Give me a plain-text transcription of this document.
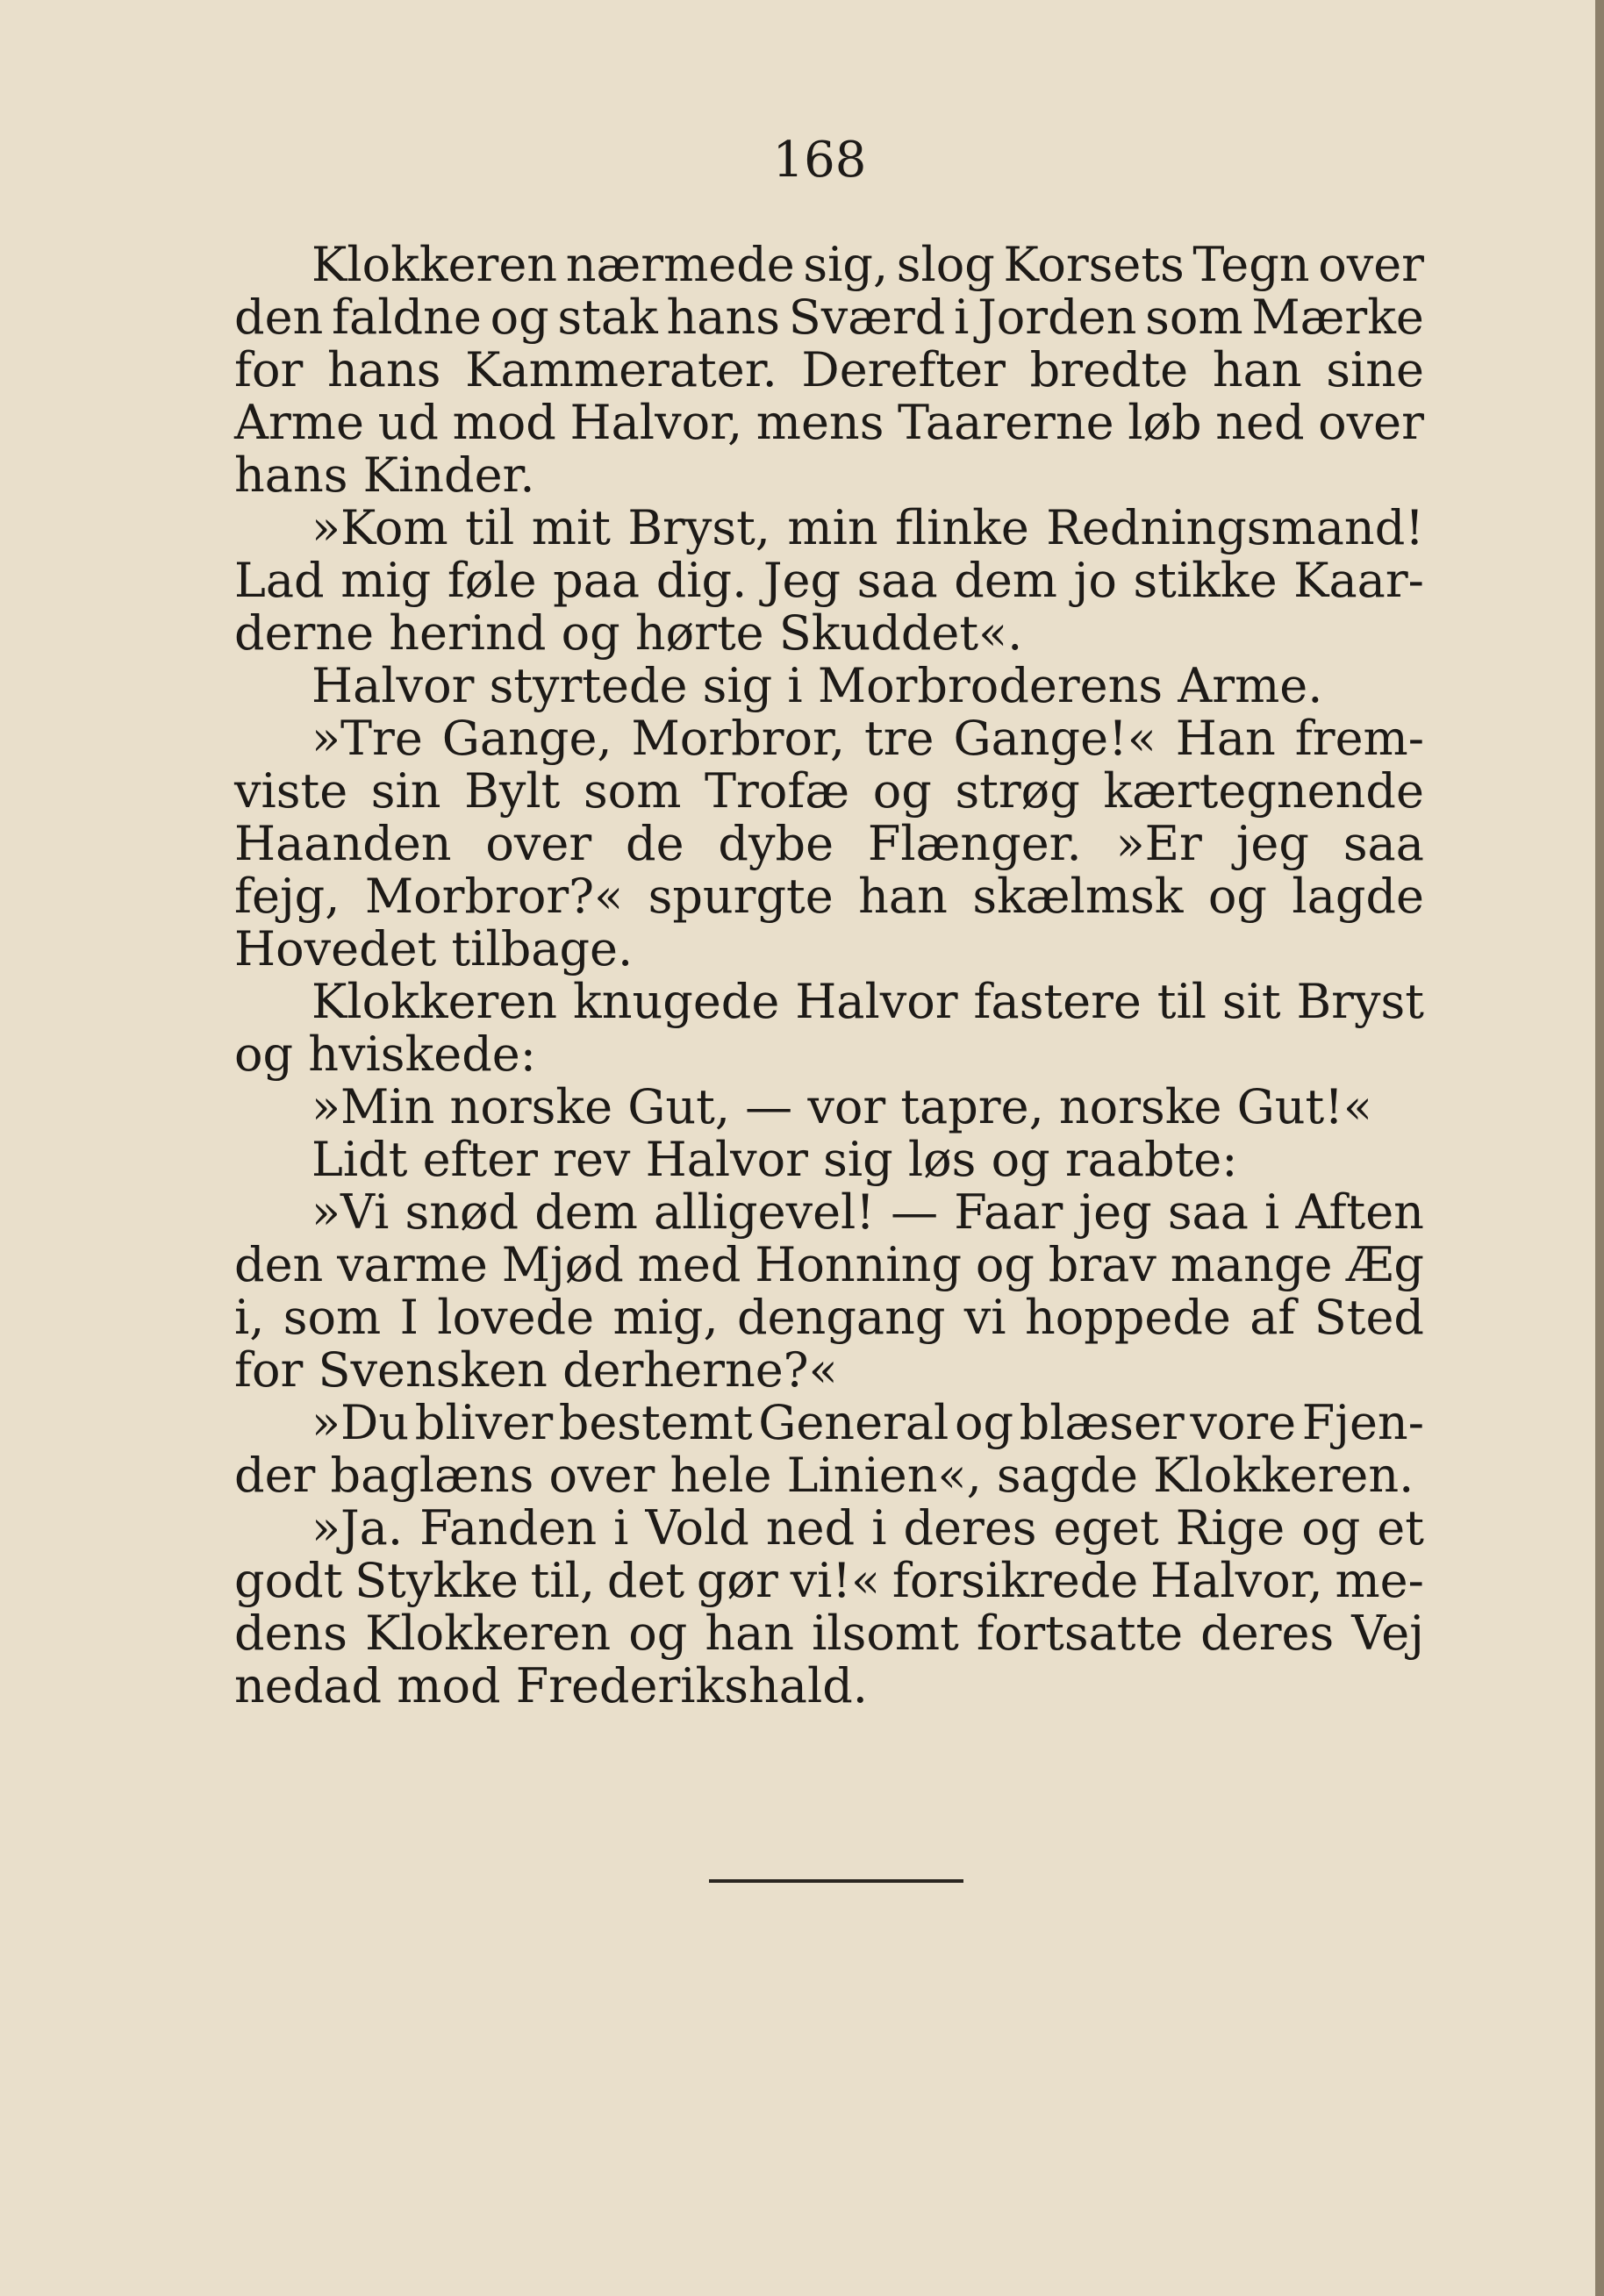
168
Klokkeren nærmede sig, slog Korsets Tegn over
den faldne og stak hans Sværd i Jorden som Mærke
for hans Kammerater. Derefter bredte han sine
Arme ud mod Halvor, mens Taarerne løb ned over
hans Kinder.
»Kom til mit Bryst, min flinke Redningsmand!
Lad mig føle paa dig. Jeg saa dem jo stikke Kaar-
derne herind og hørte Skuddet«.
Halvor styrtede sig i Morbroderens Arme.
»Tre Gange, Morbror, tre Gange!« Han frem-
viste sin Bylt som Trofæ og strøg kærtegnende
Haanden over de dybe Flænger. »Er jeg saa
fejg, Morbror?« spurgte han skælmsk og lagde
Hovedet tilbage.
Klokkeren knugede Halvor fastere til sit Bryst
og hviskede:
»Min norske Gut, — vor tapre, norske Gut!«
Lidt efter rev Halvor sig løs og raabte:
»Vi snød dem alligevel! — Faar jeg saa i Aften
den varme Mjød med Honning og brav mange Æg
i, som I lovede mig, dengang vi hoppede af Sted
for Svensken derherne?«
»Du bliver bestemt General og blæser vore Fjen-
der baglæns over hele Linien«, sagde Klokkeren.
»Ja. Fanden i Vold ned i deres eget Rige og et
godt Stykke til, det gør vi!« forsikrede Halvor, me-
dens Klokkeren og han ilsomt fortsatte deres Vej
nedad mod Frederikshald.
